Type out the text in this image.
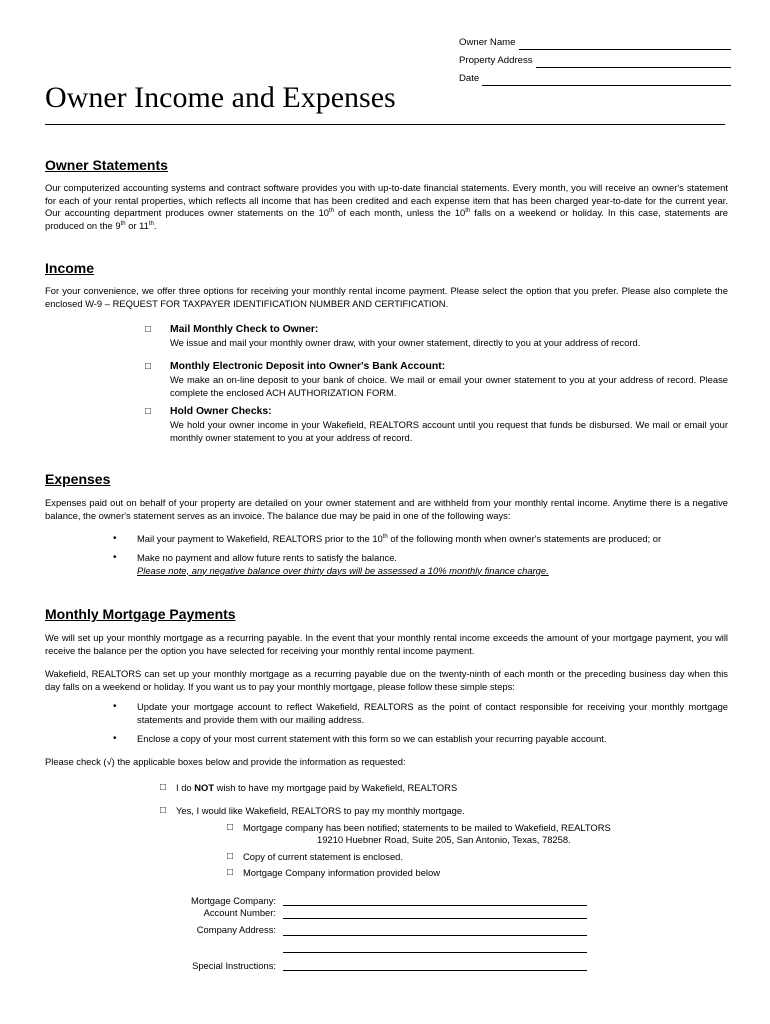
Owner Name
Property Address
Date
Owner Income and Expenses
Owner Statements
Our computerized accounting systems and contract software provides you with up-to-date financial statements. Every month, you will receive an owner's statement for each of your rental properties, which reflects all income that has been credited and each expense item that has been charged year-to-date for the current year. Our accounting department produces owner statements on the 10th of each month, unless the 10th falls on a weekend or holiday. In this case, statements are produced on the 9th or 11th.
Income
For your convenience, we offer three options for receiving your monthly rental income payment. Please select the option that you prefer. Please also complete the enclosed W-9 – REQUEST FOR TAXPAYER IDENTIFICATION NUMBER AND CERTIFICATION.
□ Mail Monthly Check to Owner:
We issue and mail your monthly owner draw, with your owner statement, directly to you at your address of record.
□ Monthly Electronic Deposit into Owner's Bank Account:
We make an on-line deposit to your bank of choice. We mail or email your owner statement to you at your address of record. Please complete the enclosed ACH AUTHORIZATION FORM.
□ Hold Owner Checks:
We hold your owner income in your Wakefield, REALTORS account until you request that funds be disbursed. We mail or email your monthly owner statement to you at your address of record.
Expenses
Expenses paid out on behalf of your property are detailed on your owner statement and are withheld from your monthly rental income. Anytime there is a negative balance, the owner's statement serves as an invoice. The balance due may be paid in one of the following ways:
• Mail your payment to Wakefield, REALTORS prior to the 10th of the following month when owner's statements are produced; or
• Make no payment and allow future rents to satisfy the balance.
Please note, any negative balance over thirty days will be assessed a 10% monthly finance charge.
Monthly Mortgage Payments
We will set up your monthly mortgage as a recurring payable. In the event that your monthly rental income exceeds the amount of your mortgage payment, you will receive the balance per the option you have selected for receiving your monthly rental income payment.
Wakefield, REALTORS can set up your monthly mortgage as a recurring payable due on the twenty-ninth of each month or the preceding business day when this day falls on a weekend or holiday. If you want us to pay your monthly mortgage, please follow these simple steps:
• Update your mortgage account to reflect Wakefield, REALTORS as the point of contact responsible for receiving your monthly mortgage statements and provide them with our mailing address.
• Enclose a copy of your most current statement with this form so we can establish your recurring payable account.
Please check (√) the applicable boxes below and provide the information as requested:
□ I do NOT wish to have my mortgage paid by Wakefield, REALTORS
□ Yes, I would like Wakefield, REALTORS to pay my monthly mortgage.
□ Mortgage company has been notified; statements to be mailed to Wakefield, REALTORS
19210 Huebner Road, Suite 205, San Antonio, Texas, 78258.
□ Copy of current statement is enclosed.
□ Mortgage Company information provided below
Mortgage Company:
Account Number:
Company Address:
Special Instructions:
